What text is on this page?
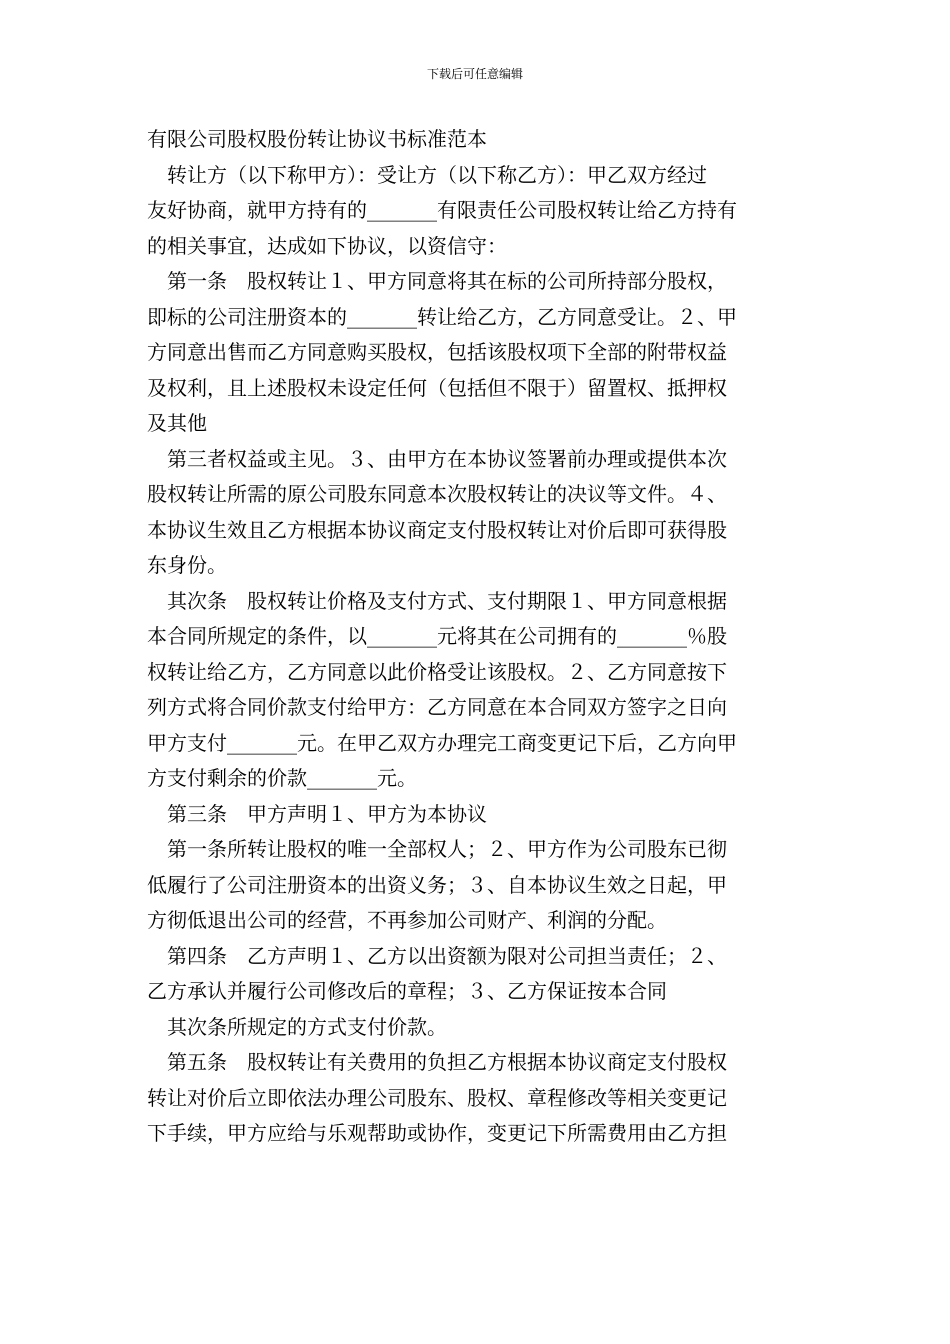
下载后可任意编辑
有限公司股权股份转让协议书标准范本
转让方（以下称甲方）：受让方（以下称乙方）：甲乙双方经过
友好协商，就甲方持有的_______有限责任公司股权转让给乙方持有
的相关事宜，达成如下协议，以资信守：
第一条　股权转让１、甲方同意将其在标的公司所持部分股权，
即标的公司注册资本的_______转让给乙方，乙方同意受让。２、甲
方同意出售而乙方同意购买股权，包括该股权项下全部的附带权益
及权利，且上述股权未设定任何（包括但不限于）留置权、抵押权
及其他
第三者权益或主见。３、由甲方在本协议签署前办理或提供本次
股权转让所需的原公司股东同意本次股权转让的决议等文件。４、
本协议生效且乙方根据本协议商定支付股权转让对价后即可获得股
东身份。
其次条　股权转让价格及支付方式、支付期限１、甲方同意根据
本合同所规定的条件，以_______元将其在公司拥有的_______％股
权转让给乙方，乙方同意以此价格受让该股权。２、乙方同意按下
列方式将合同价款支付给甲方：乙方同意在本合同双方签字之日向
甲方支付_______元。在甲乙双方办理完工商变更记下后，乙方向甲
方支付剩余的价款_______元。
第三条　甲方声明１、甲方为本协议
第一条所转让股权的唯一全部权人；２、甲方作为公司股东已彻
低履行了公司注册资本的出资义务；３、自本协议生效之日起，甲
方彻低退出公司的经营，不再参加公司财产、利润的分配。
第四条　乙方声明１、乙方以出资额为限对公司担当责任；２、
乙方承认并履行公司修改后的章程；３、乙方保证按本合同
其次条所规定的方式支付价款。
第五条　股权转让有关费用的负担乙方根据本协议商定支付股权
转让对价后立即依法办理公司股东、股权、章程修改等相关变更记
下手续，甲方应给与乐观帮助或协作，变更记下所需费用由乙方担
